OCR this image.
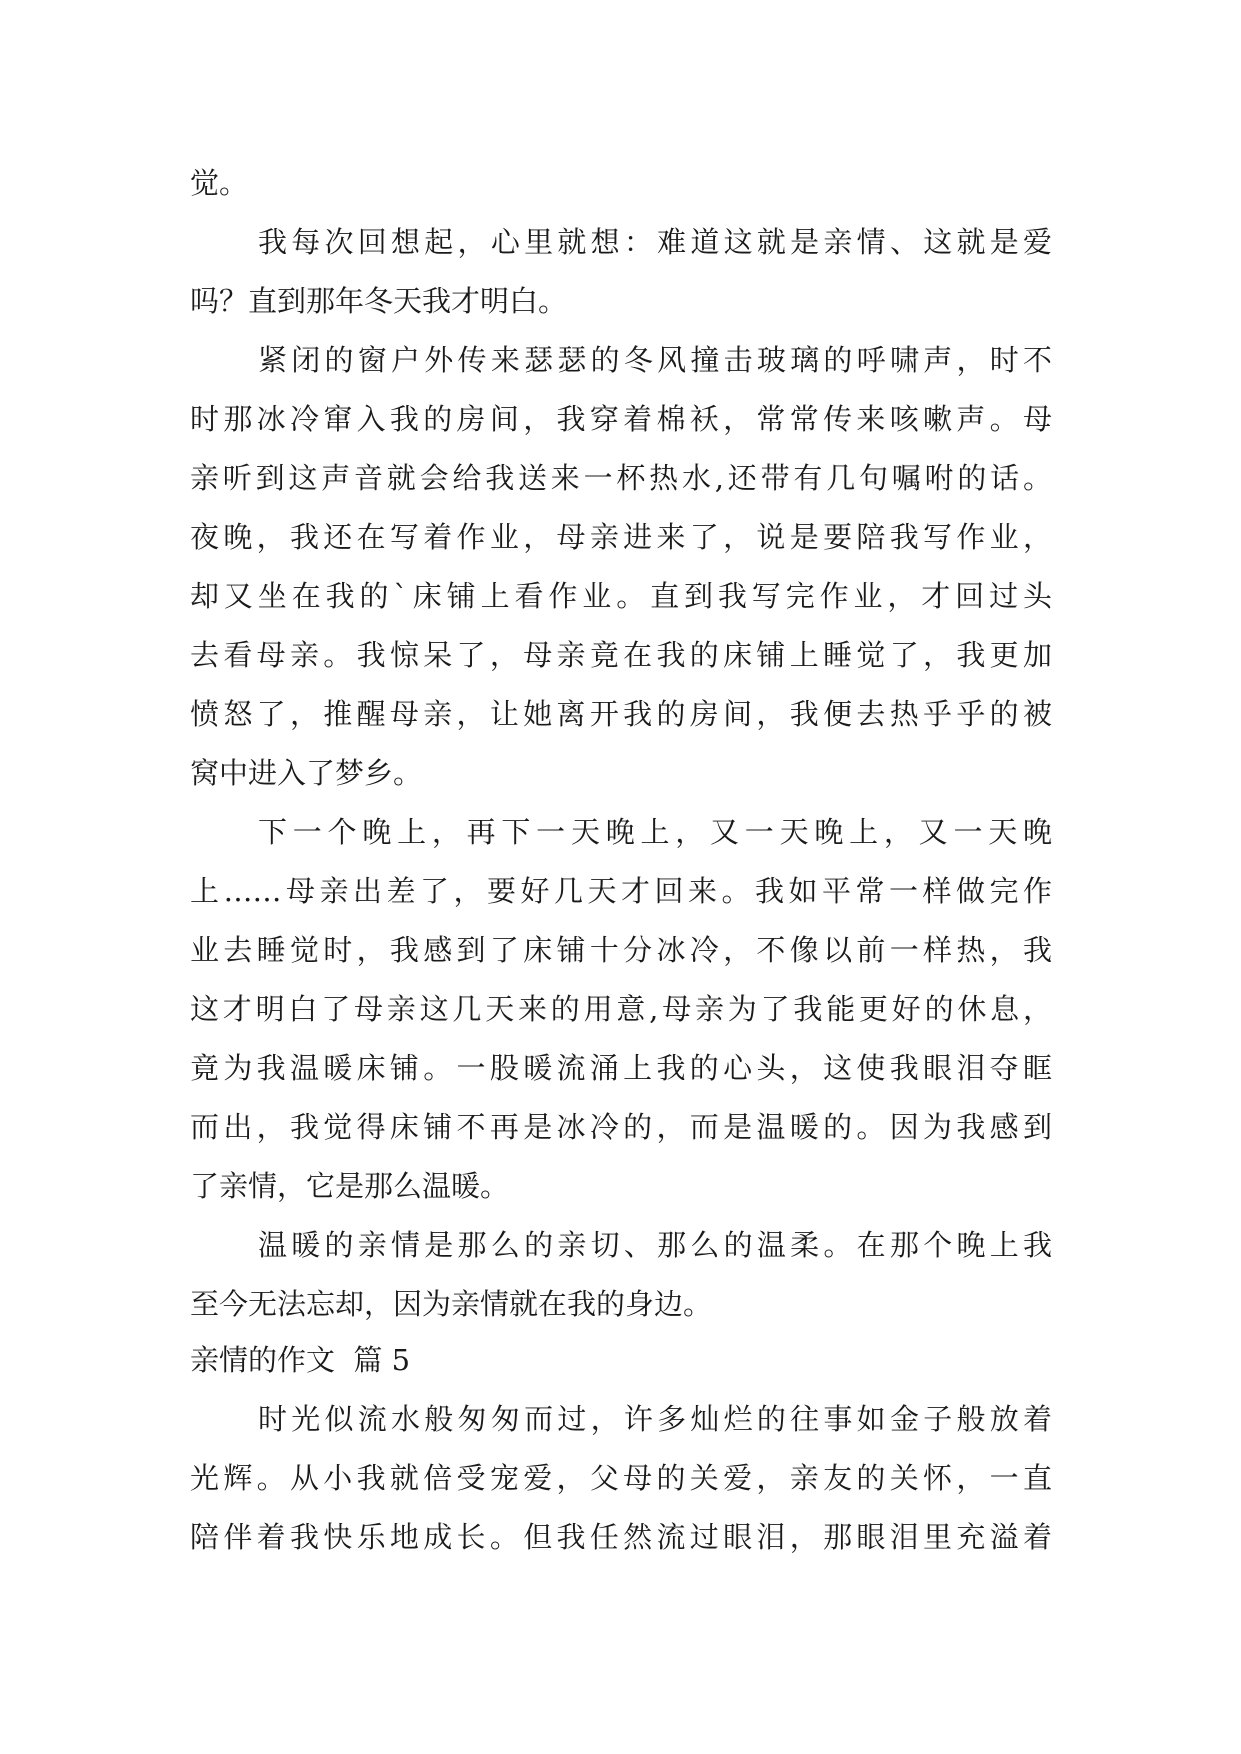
觉。
我每次回想起，心里就想：难道这就是亲情、这就是爱
吗？直到那年冬天我才明白。
紧闭的窗户外传来瑟瑟的冬风撞击玻璃的呼啸声，时不
时那冰冷窜入我的房间，我穿着棉袄，常常传来咳嗽声。母
亲听到这声音就会给我送来一杯热水,还带有几句嘱咐的话。
夜晚，我还在写着作业，母亲进来了，说是要陪我写作业，
却又坐在我的`床铺上看作业。直到我写完作业，才回过头
去看母亲。我惊呆了，母亲竟在我的床铺上睡觉了，我更加
愤怒了，推醒母亲，让她离开我的房间，我便去热乎乎的被
窝中进入了梦乡。
下一个晚上，再下一天晚上，又一天晚上，又一天晚
上……母亲出差了，要好几天才回来。我如平常一样做完作
业去睡觉时，我感到了床铺十分冰冷，不像以前一样热，我
这才明白了母亲这几天来的用意,母亲为了我能更好的休息，
竟为我温暖床铺。一股暖流涌上我的心头，这使我眼泪夺眶
而出，我觉得床铺不再是冰冷的，而是温暖的。因为我感到
了亲情，它是那么温暖。
温暖的亲情是那么的亲切、那么的温柔。在那个晚上我
至今无法忘却，因为亲情就在我的身边。
亲情的作文  篇 5
时光似流水般匆匆而过，许多灿烂的往事如金子般放着
光辉。从小我就倍受宠爱，父母的关爱，亲友的关怀，一直
陪伴着我快乐地成长。但我任然流过眼泪，那眼泪里充溢着
